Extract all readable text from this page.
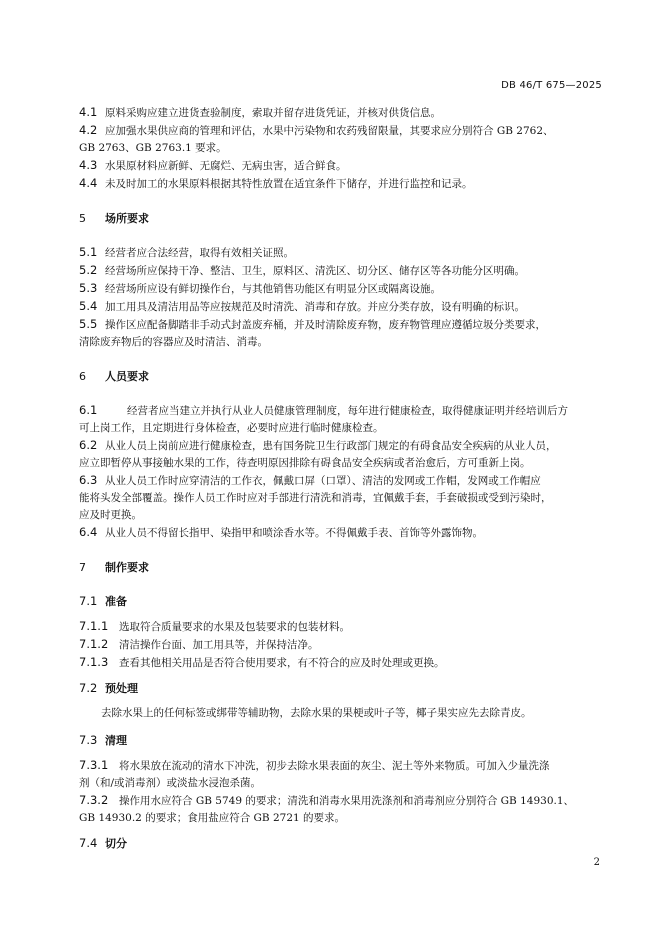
DB 46/T 675—2025
4.1 原料采购应建立进货查验制度，索取并留存进货凭证，并核对供货信息。
4.2 应加强水果供应商的管理和评估，水果中污染物和农药残留限量，其要求应分别符合 GB 2762、
GB 2763、GB 2763.1 要求。
4.3 水果原材料应新鲜、无腐烂、无病虫害，适合鲜食。
4.4 未及时加工的水果原料根据其特性放置在适宜条件下储存，并进行监控和记录。
5 场所要求
5.1 经营者应合法经营，取得有效相关证照。
5.2 经营场所应保持干净、整洁、卫生，原料区、清洗区、切分区、储存区等各功能分区明确。
5.3 经营场所应设有鲜切操作台，与其他销售功能区有明显分区或隔离设施。
5.4 加工用具及清洁用品等应按规范及时清洗、消毒和存放。并应分类存放，设有明确的标识。
5.5 操作区应配备脚踏非手动式封盖废弃桶，并及时清除废弃物，废弃物管理应遵循垃圾分类要求，
清除废弃物后的容器应及时清洁、消毒。
6 人员要求
6.1	经营者应当建立并执行从业人员健康管理制度，每年进行健康检查，取得健康证明并经培训后方
可上岗工作，且定期进行身体检查，必要时应进行临时健康检查。
6.2 从业人员上岗前应进行健康检查，患有国务院卫生行政部门规定的有碍食品安全疾病的从业人员，
应立即暂停从事接触水果的工作，待查明原因排除有碍食品安全疾病或者治愈后，方可重新上岗。
6.3 从业人员工作时应穿清洁的工作衣，佩戴口屏（口罩）、清洁的发网或工作帽，发网或工作帽应
能将头发全部覆盖。操作人员工作时应对手部进行清洗和消毒，宜佩戴手套，手套破损或受到污染时，
应及时更换。
6.4 从业人员不得留长指甲、染指甲和喷涂香水等。不得佩戴手表、首饰等外露饰物。
7 制作要求
7.1 准备
7.1.1 选取符合质量要求的水果及包装要求的包装材料。
7.1.2 清洁操作台面、加工用具等，并保持洁净。
7.1.3 查看其他相关用品是否符合使用要求，有不符合的应及时处理或更换。
7.2 预处理
去除水果上的任何标签或绑带等辅助物，去除水果的果梗或叶子等，椰子果实应先去除青皮。
7.3 清理
7.3.1 将水果放在流动的清水下冲洗，初步去除水果表面的灰尘、泥土等外来物质。可加入少量洗涤
剂（和/或消毒剂）或淡盐水浸泡杀菌。
7.3.2 操作用水应符合 GB 5749 的要求；清洗和消毒水果用洗涤剂和消毒剂应分别符合 GB 14930.1、
GB 14930.2 的要求；食用盐应符合 GB 2721 的要求。
7.4 切分
2
